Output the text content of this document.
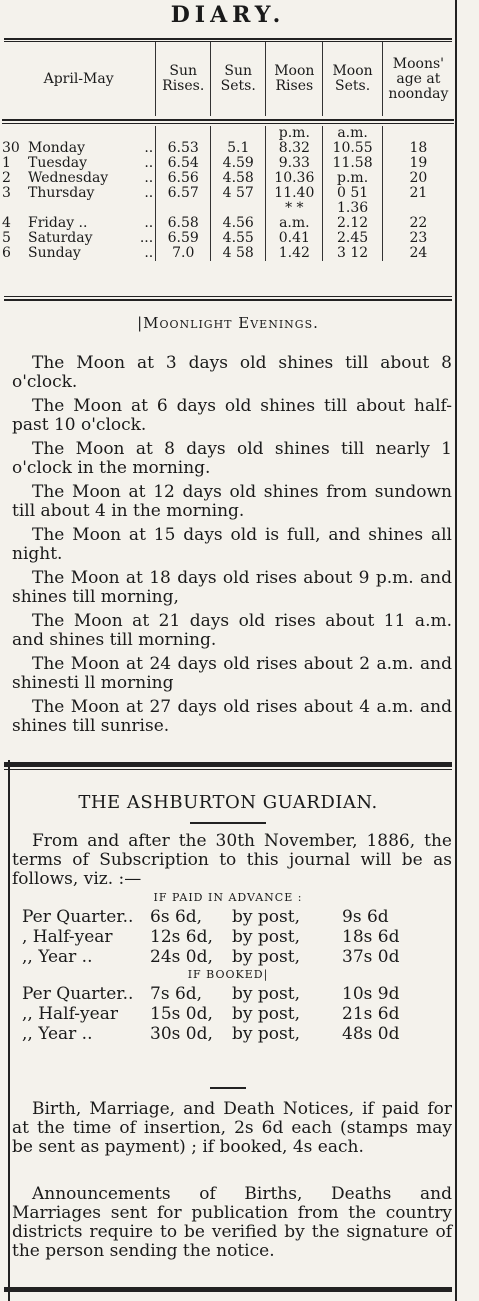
DIARY.
April-May	Sun Rises.	Sun Sets.	Moon Rises	Moon Sets.	Moons' age at noonday

			p.m.	a.m.	
30 Monday ..	6.53	5.1	8.32	10.55	18
1 Tuesday ..	6.54	4.59	9.33	11.58	19
2 Wednesday ..	6.56	4.58	10.36	p.m.	20
3 Thursday ..	6.57	4 57	11.40	0 51	21

			* *	1.36	
4 Friday .. ..	6.58	4.56	a.m.	2.12	22
5 Saturday ...	6.59	4.55	0.41	2.45	23
6 Sunday ..	7.0	4 58	1.42	3 12	24
|Moonlight Evenings.
The Moon at 3 days old shines till about 8 o'clock.
The Moon at 6 days old shines till about half-past 10 o'clock.
The Moon at 8 days old shines till nearly 1 o'clock in the morning.
The Moon at 12 days old shines from sundown till about 4 in the morning.
The Moon at 15 days old is full, and shines all night.
The Moon at 18 days old rises about 9 p.m. and shines till morning,
The Moon at 21 days old rises about 11 a.m. and shines till morning.
The Moon at 24 days old rises about 2 a.m. and shinesti ll morning
The Moon at 27 days old rises about 4 a.m. and shines till sunrise.
THE ASHBURTON GUARDIAN.
From and after the 30th November, 1886, the terms of Subscription to this journal will be as follows, viz. :—
IF PAID IN ADVANCE :
Per Quarter.. 6s 6d, by post, 9s 6d
, Half-year 12s 6d, by post, 18s 6d
,, Year ..	24s 0d, by post, 37s 0d
IF BOOKED|
Per Quarter.. 7s 6d, by post, 10s 9d
,, Half-year 15s 0d, by post, 21s 6d
,, Year ..	30s 0d, by post, 48s 0d
Birth, Marriage, and Death Notices, if paid for at the time of insertion, 2s 6d each (stamps may be sent as payment) ; if booked, 4s each.
Announcements of Births, Deaths and Marriages sent for publication from the country districts require to be verified by the signature of the person sending the notice.
